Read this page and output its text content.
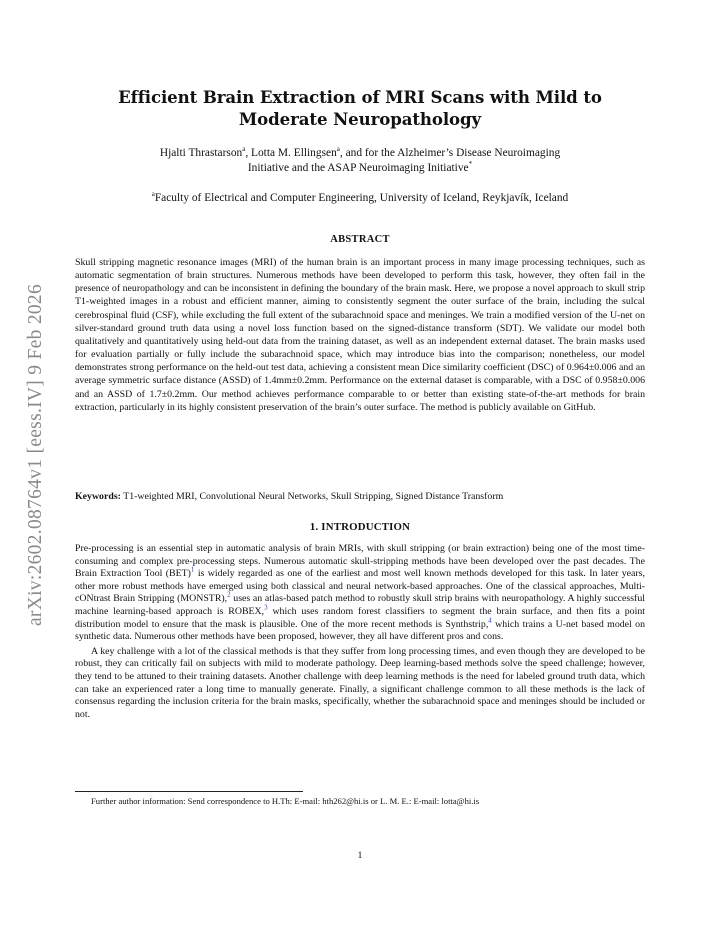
arXiv:2602.08764v1 [eess.IV] 9 Feb 2026
Efficient Brain Extraction of MRI Scans with Mild to
Moderate Neuropathology
Hjalti Thrastarson$^a$, Lotta M. Ellingsen$^a$, and for the Alzheimer’s Disease Neuroimaging
Initiative and the ASAP Neuroimaging Initiative*
$^a$Faculty of Electrical and Computer Engineering, University of Iceland, Reykjavík, Iceland
ABSTRACT
Skull stripping magnetic resonance images (MRI) of the human brain is an important process in many image processing techniques, such as automatic segmentation of brain structures. Numerous methods have been developed to perform this task, however, they often fail in the presence of neuropathology and can be inconsistent in defining the boundary of the brain mask. Here, we propose a novel approach to skull strip T1-weighted images in a robust and efficient manner, aiming to consistently segment the outer surface of the brain, including the sulcal cerebrospinal fluid (CSF), while excluding the full extent of the subarachnoid space and meninges. We train a modified version of the U-net on silver-standard ground truth data using a novel loss function based on the signed-distance transform (SDT). We validate our model both qualitatively and quantitatively using held-out data from the training dataset, as well as an independent external dataset. The brain masks used for evaluation partially or fully include the subarachnoid space, which may introduce bias into the comparison; nonetheless, our model demonstrates strong performance on the held-out test data, achieving a consistent mean Dice similarity coefficient (DSC) of 0.964±0.006 and an average symmetric surface distance (ASSD) of 1.4mm±0.2mm. Performance on the external dataset is comparable, with a DSC of 0.958±0.006 and an ASSD of 1.7±0.2mm. Our method achieves performance comparable to or better than existing state-of-the-art methods for brain extraction, particularly in its highly consistent preservation of the brain’s outer surface. The method is publicly available on GitHub.
Keywords: T1-weighted MRI, Convolutional Neural Networks, Skull Stripping, Signed Distance Transform
1. INTRODUCTION

Pre-processing is an essential step in automatic analysis of brain MRIs, with skull stripping (or brain extraction) being one of the most time-consuming and complex pre-processing steps. Numerous automatic skull-stripping methods have been developed over the past decades. The Brain Extraction Tool (BET)$^1$ is widely regarded as one of the earliest and most well known methods developed for this task. In later years, other more robust methods have emerged using both classical and neural network-based approaches. One of the classical approaches, Multi-cONtrast Brain Stripping (MONSTR),$^2$ uses an atlas-based patch method to robustly skull strip brains with neuropathology. A highly successful machine learning-based approach is ROBEX,$^3$ which uses random forest classifiers to segment the brain surface, and then fits a point distribution model to ensure that the mask is plausible. One of the more recent methods is Synthstrip,$^4$ which trains a U-net based model on synthetic data. Numerous other methods have been proposed, however, they all have different pros and cons.

A key challenge with a lot of the classical methods is that they suffer from long processing times, and even though they are developed to be robust, they can critically fail on subjects with mild to moderate pathology. Deep learning-based methods solve the speed challenge; however, they tend to be attuned to their training datasets. Another challenge with deep learning methods is the need for labeled ground truth data, which can take an experienced rater a long time to manually generate. Finally, a significant challenge common to all these methods is the lack of consensus regarding the inclusion criteria for the brain masks, specifically, whether the subarachnoid space and meninges should be included or not.

Further author information: Send correspondence to H.Th: E-mail: hth262@hi.is or L. M. E.: E-mail: lotta@hi.is
1
